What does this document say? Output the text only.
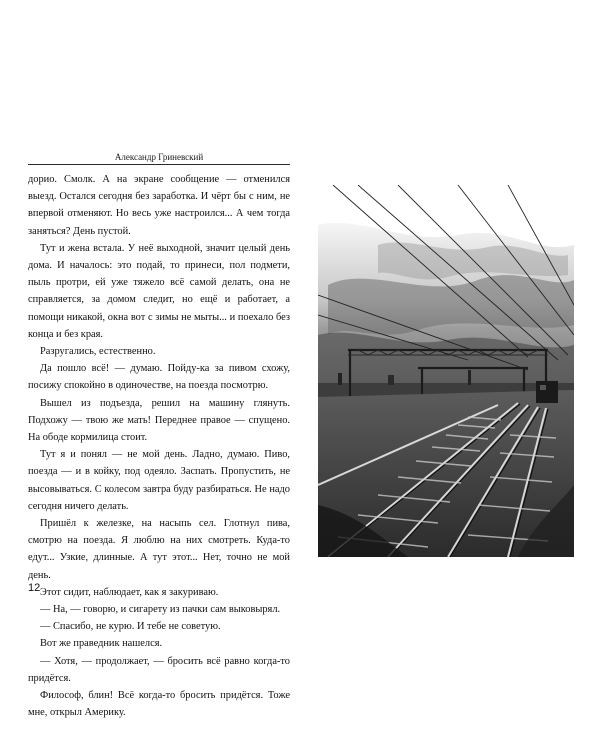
Александр Гриневский

дорио. Смолк. А на экране сообщение — отменился выезд. Остался сегодня без заработка. И чёрт бы с ним, не впервой отменяют. Но весь уже настроился... А чем тогда заняться? День пустой.

Тут и жена встала. У неё выходной, значит целый день дома. И началось: это подай, то принеси, пол подмети, пыль протри, ей уже тяжело всё самой делать, она не справляется, за домом следит, но ещё и работает, а помощи никакой, окна вот с зимы не мыты... и поехало без конца и без края.

Разругались, естественно.

Да пошло всё! — думаю. Пойду-ка за пивом схожу, посижу спокойно в одиночестве, на поезда посмотрю.

Вышел из подъезда, решил на машину глянуть. Подхожу — твою же мать! Переднее правое — спущено. На ободе кормилица стоит.

Тут я и понял — не мой день. Ладно, думаю. Пиво, поезда — и в койку, под одеяло. Заспать. Пропустить, не высовываться. С колесом завтра буду разбираться. Не надо сегодня ничего делать.

Пришёл к железке, на насыпь сел. Глотнул пива, смотрю на поезда. Я люблю на них смотреть. Куда-то едут... Узкие, длинные. А тут этот... Нет, точно не мой день.

Этот сидит, наблюдает, как я закуриваю.

— На, — говорю, и сигарету из пачки сам выковырял.

— Спасибо, не курю. И тебе не советую.

Вот же праведник нашелся.

— Хотя, — продолжает, — бросить всё равно когда-то придётся.

Философ, блин! Всё когда-то бросить придётся. Тоже мне, открыл Америку.

12
